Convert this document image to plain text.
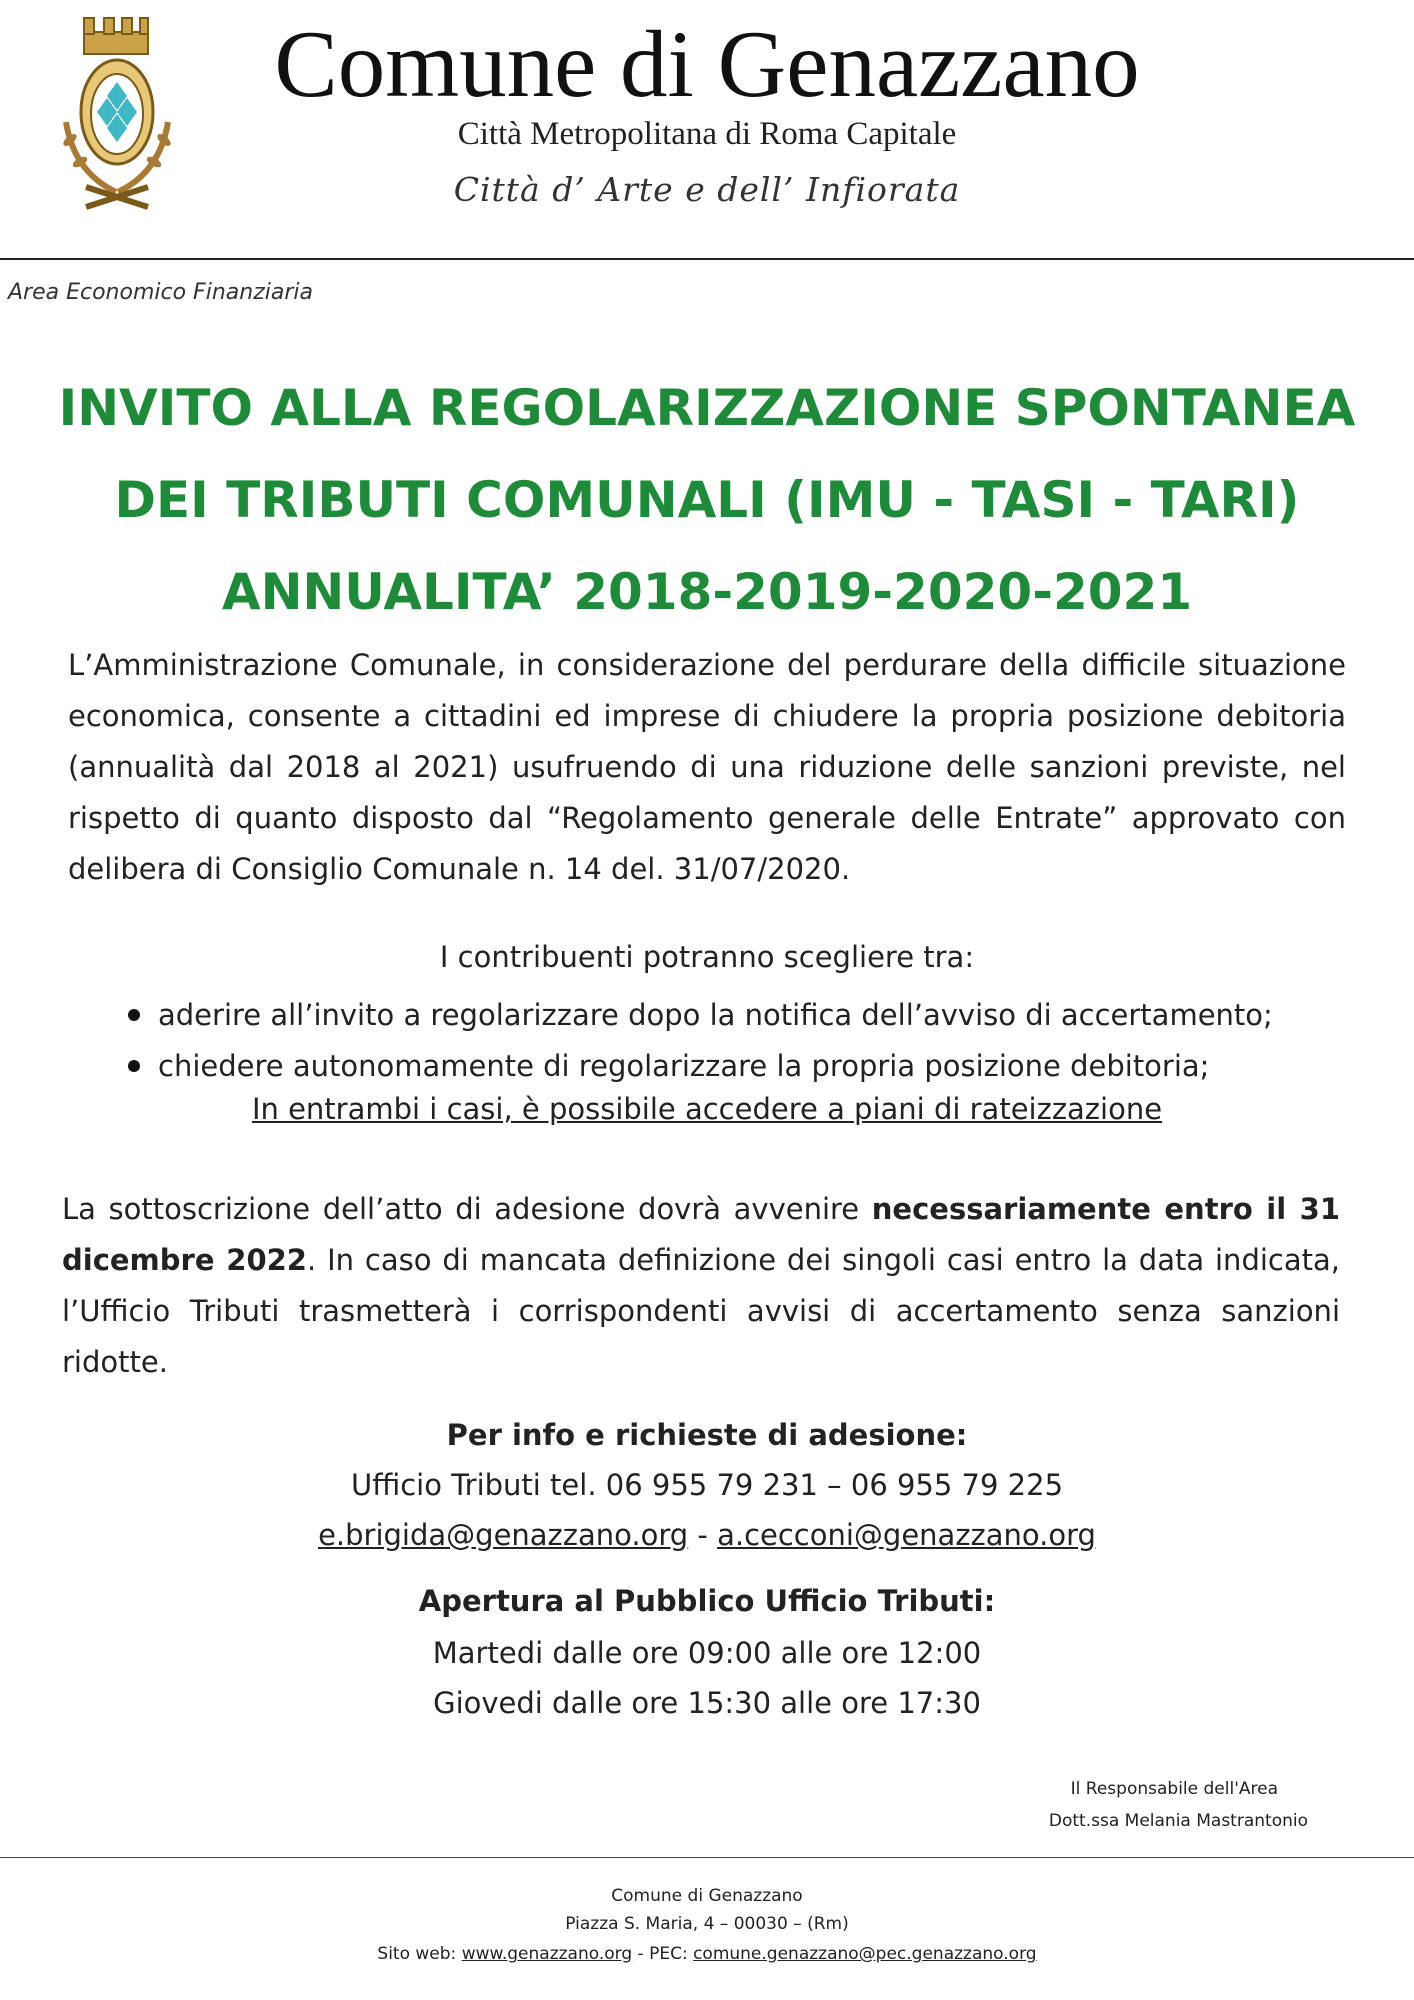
Comune di Genazzano
Città Metropolitana di Roma Capitale
Città d’ Arte e dell’ Infiorata
Area Economico Finanziaria
INVITO ALLA REGOLARIZZAZIONE SPONTANEA
DEI TRIBUTI COMUNALI (IMU - TASI - TARI)
ANNUALITA’ 2018-2019-2020-2021
L’Amministrazione Comunale, in considerazione del perdurare della difficile situazione economica, consente a cittadini ed imprese di chiudere la propria posizione debitoria (annualità dal 2018 al 2021) usufruendo di una riduzione delle sanzioni previste, nel rispetto di quanto disposto dal “Regolamento generale delle Entrate” approvato con delibera di Consiglio Comunale n. 14 del. 31/07/2020.
I contribuenti potranno scegliere tra:
aderire all’invito a regolarizzare dopo la notifica dell’avviso di accertamento;
chiedere autonomamente di regolarizzare la propria posizione debitoria;
In entrambi i casi, è possibile accedere a piani di rateizzazione
La sottoscrizione dell’atto di adesione dovrà avvenire necessariamente entro il 31 dicembre 2022. In caso di mancata definizione dei singoli casi entro la data indicata, l’Ufficio Tributi trasmetterà i corrispondenti avvisi di accertamento senza sanzioni ridotte.
Per info e richieste di adesione:
Ufficio Tributi tel. 06 955 79 231 – 06 955 79 225
e.brigida@genazzano.org - a.cecconi@genazzano.org
Apertura al Pubblico Ufficio Tributi:
Martedi dalle ore 09:00 alle ore 12:00
Giovedi dalle ore 15:30 alle ore 17:30
Il Responsabile dell'Area
Dott.ssa Melania Mastrantonio
Comune di Genazzano
Piazza S. Maria, 4 – 00030 – (Rm)
Sito web: www.genazzano.org - PEC: comune.genazzano@pec.genazzano.org
